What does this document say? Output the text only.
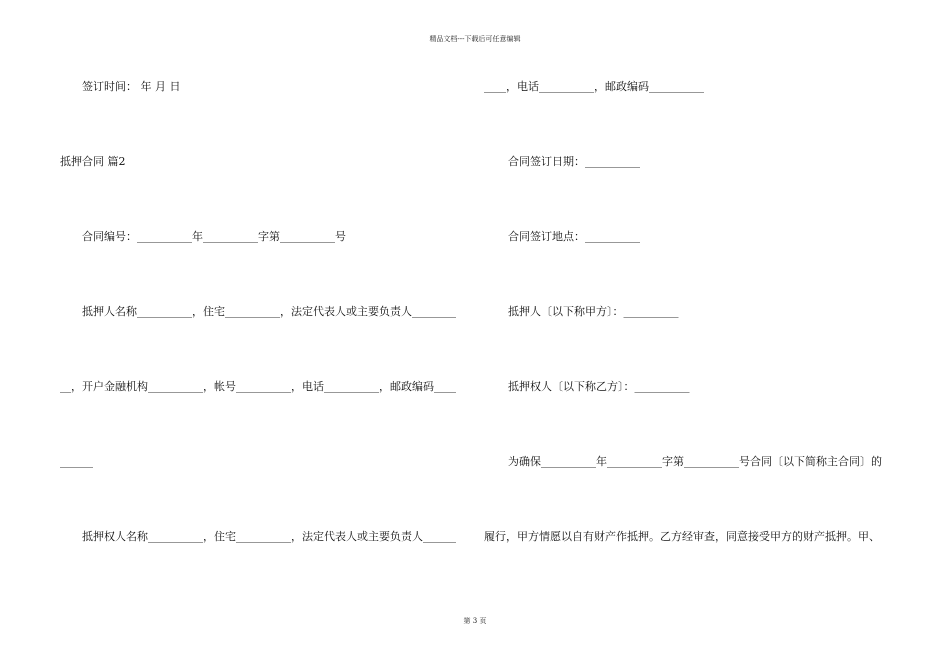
精品文档---下载后可任意编辑
签订时间： 年 月 日
抵押合同 篇2
合同编号：__________年__________字第__________号
抵押人名称__________，住宅__________，法定代表人或主要负责人________
__，开户金融机构__________，帐号__________，电话__________，邮政编码____
______
抵押权人名称__________，住宅__________，法定代表人或主要负责人______
____，电话__________，邮政编码__________
合同签订日期：__________
合同签订地点：__________
抵押人〔以下称甲方〕：__________
抵押权人〔以下称乙方〕：__________
为确保__________年__________字第__________号合同〔以下简称主合同〕的
履行，甲方情愿以自有财产作抵押。乙方经审查，同意接受甲方的财产抵押。甲、
第 3 页
